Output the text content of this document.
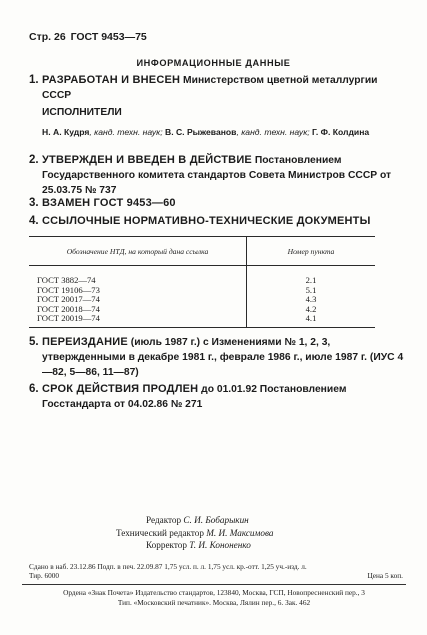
Стр. 26 ГОСТ 9453—75
ИНФОРМАЦИОННЫЕ ДАННЫЕ
1. РАЗРАБОТАН И ВНЕСЕН Министерством цветной металлургии СССР
ИСПОЛНИТЕЛИ
Н. А. Кудря, канд. техн. наук; В. С. Рыжеванов, канд. техн. наук; Г. Ф. Колдина
2. УТВЕРЖДЕН И ВВЕДЕН В ДЕЙСТВИЕ Постановлением Государственного комитета стандартов Совета Министров СССР от 25.03.75 № 737
3. ВЗАМЕН ГОСТ 9453—60
4. ССЫЛОЧНЫЕ НОРМАТИВНО-ТЕХНИЧЕСКИЕ ДОКУМЕНТЫ
Обозначение НТД, на который дана ссылка	Номер пункта
ГОСТ 3882—74	2.1
ГОСТ 19106—73	5.1
ГОСТ 20017—74	4.3
ГОСТ 20018—74	4.2
ГОСТ 20019—74	4.1
5. ПЕРЕИЗДАНИЕ (июль 1987 г.) с Изменениями № 1, 2, 3, утвержденными в декабре 1981 г., феврале 1986 г., июле 1987 г. (ИУС 4—82, 5—86, 11—87)
6. СРОК ДЕЙСТВИЯ ПРОДЛЕН до 01.01.92 Постановлением Госстандарта от 04.02.86 № 271
Редактор С. И. Бобарыкин
Технический редактор М. И. Максимова
Корректор Т. И. Кононенко
Сдано в наб. 23.12.86 Подп. в печ. 22.09.87 1,75 усл. п. л. 1,75 усл. кр.-отт. 1,25 уч.-изд. л.
Тир. 6000	Цена 5 коп.
Ордена «Знак Почета» Издательство стандартов, 123840, Москва, ГСП, Новопресненский пер., 3
Тип. «Московский печатник». Москва, Лялин пер., 6. Зак. 462
